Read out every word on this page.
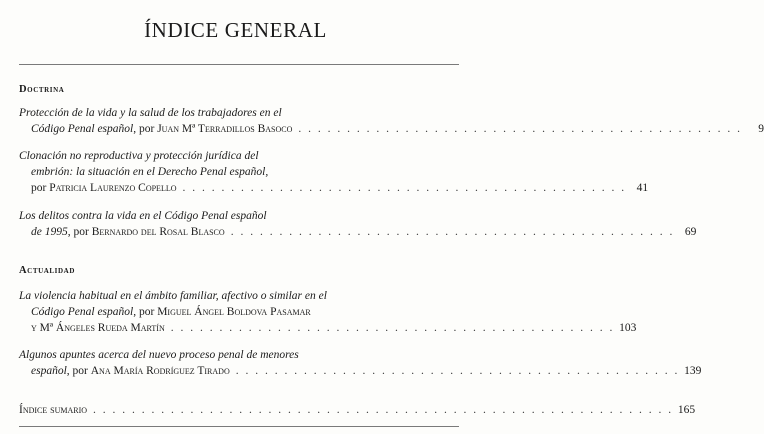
ÍNDICE GENERAL
Doctrina
Protección de la vida y la salud de los trabajadores en el
Código Penal español , por Juan Mª Terradillos Basoco . . . . . . . . . . . . . . . . . . . . . . . . . . . . . . . . . . . . . . . . . . . . . .	9
Clonación no reproductiva y protección jurídica del
embrión: la situación en el Derecho Penal español,
por Patricia Laurenzo Copello . . . . . . . . . . . . . . . . . . . . . . . . . . . . . . . . . . . . . . . . . . . . . . 41
Los delitos contra la vida en el Código Penal español
de 1995 , por Bernardo del Rosal Blasco . . . . . . . . . . . . . . . . . . . . . . . . . . . . . . . . . . . . . . . . . . . . . . 69
Actualidad
La violencia habitual en el ámbito familiar, afectivo o similar en el
Código Penal español , por Miguel Ángel Boldova Pasamar
y Mª Ángeles Rueda Martín . . . . . . . . . . . . . . . . . . . . . . . . . . . . . . . . . . . . . . . . . . . . . . 103
Algunos apuntes acerca del nuevo proceso penal de menores
español , por Ana María Rodríguez Tirado . . . . . . . . . . . . . . . . . . . . . . . . . . . . . . . . . . . . . . . . . . . . . . 139
Índice sumario . . . . . . . . . . . . . . . . . . . . . . . . . . . . . . . . . . . . . . . . . . . . . . . . . . . . . . . . . . . . 165
